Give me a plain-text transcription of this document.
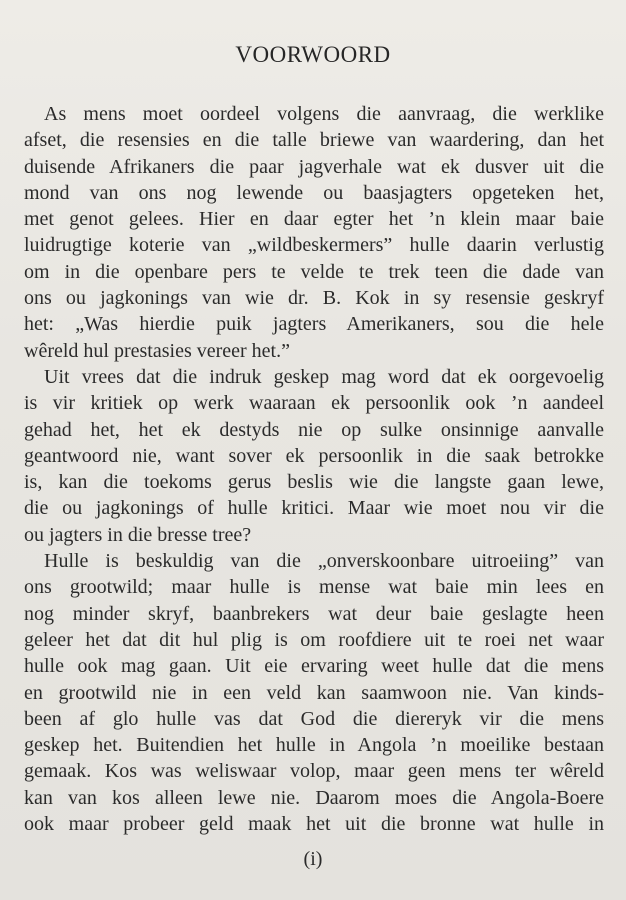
VOORWOORD
As mens moet oordeel volgens die aanvraag, die werklike
afset, die resensies en die talle briewe van waardering, dan het
duisende Afrikaners die paar jagverhale wat ek dusver uit die
mond van ons nog lewende ou baasjagters opgeteken het,
met genot gelees. Hier en daar egter het ’n klein maar baie
luidrugtige koterie van „wildbeskermers” hulle daarin verlustig
om in die openbare pers te velde te trek teen die dade van
ons ou jagkonings van wie dr. B. Kok in sy resensie geskryf
het: „Was hierdie puik jagters Amerikaners, sou die hele
wêreld hul prestasies vereer het.”
Uit vrees dat die indruk geskep mag word dat ek oorgevoelig
is vir kritiek op werk waaraan ek persoonlik ook ’n aandeel
gehad het, het ek destyds nie op sulke onsinnige aanvalle
geantwoord nie, want sover ek persoonlik in die saak betrokke
is, kan die toekoms gerus beslis wie die langste gaan lewe,
die ou jagkonings of hulle kritici. Maar wie moet nou vir die
ou jagters in die bresse tree?
Hulle is beskuldig van die „onverskoonbare uitroeiing” van
ons grootwild; maar hulle is mense wat baie min lees en
nog minder skryf, baanbrekers wat deur baie geslagte heen
geleer het dat dit hul plig is om roofdiere uit te roei net waar
hulle ook mag gaan. Uit eie ervaring weet hulle dat die mens
en grootwild nie in een veld kan saamwoon nie. Van kinds-
been af glo hulle vas dat God die diereryk vir die mens
geskep het. Buitendien het hulle in Angola ’n moeilike bestaan
gemaak. Kos was weliswaar volop, maar geen mens ter wêreld
kan van kos alleen lewe nie. Daarom moes die Angola-Boere
ook maar probeer geld maak het uit die bronne wat hulle in
(i)
